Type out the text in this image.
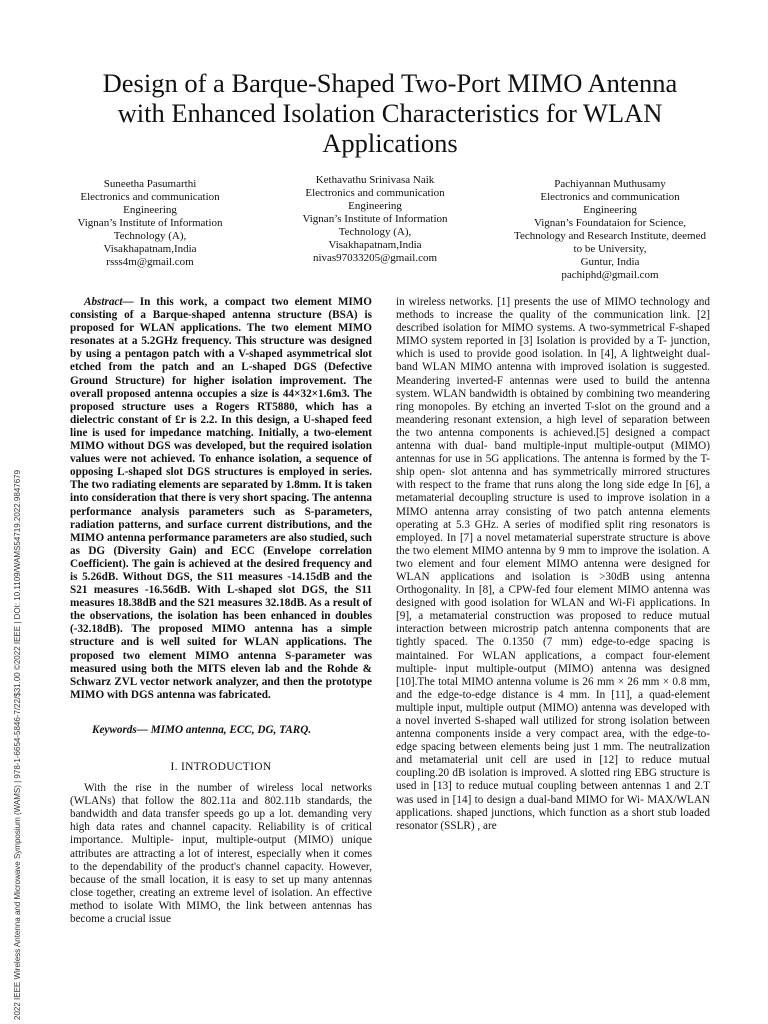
2022 IEEE Wireless Antenna and Microwave Symposium (WAMS) | 978-1-6654-5846-7/22/$31.00 ©2022 IEEE | DOI: 10.1109/WAMS54719.2022.9847679
Design of a Barque-Shaped Two-Port MIMO Antenna with Enhanced Isolation Characteristics for WLAN Applications
Suneetha Pasumarthi
Electronics and communication
Engineering
Vignan’s Institute of Information
Technology (A),
Visakhapatnam,India
rsss4m@gmail.com
Kethavathu Srinivasa Naik
Electronics and communication
Engineering
Vignan’s Institute of Information
Technology (A),
Visakhapatnam,India
nivas97033205@gmail.com
Pachiyannan Muthusamy
Electronics and communication
Engineering
Vignan’s Foundataion for Science,
Technology and Research Institute, deemed
to be University,
Guntur, India
pachiphd@gmail.com

Abstract— In this work, a compact two element MIMO consisting of a Barque-shaped antenna structure (BSA) is proposed for WLAN applications. The two element MIMO resonates at a 5.2GHz frequency. This structure was designed by using a pentagon patch with a V-shaped asymmetrical slot etched from the patch and an L-shaped DGS (Defective Ground Structure) for higher isolation improvement. The overall proposed antenna occupies a size is 44×32×1.6m3. The proposed structure uses a Rogers RT5880, which has a dielectric constant of £r is 2.2. In this design, a U-shaped feed line is used for impedance matching. Initially, a two-element MIMO without DGS was developed, but the required isolation values were not achieved. To enhance isolation, a sequence of opposing L-shaped slot DGS structures is employed in series. The two radiating elements are separated by 1.8mm. It is taken into consideration that there is very short spacing. The antenna performance analysis parameters such as S-parameters, radiation patterns, and surface current distributions, and the MIMO antenna performance parameters are also studied, such as DG (Diversity Gain) and ECC (Envelope correlation Coefficient). The gain is achieved at the desired frequency and is 5.26dB. Without DGS, the S11 measures -14.15dB and the S21 measures -16.56dB. With L-shaped slot DGS, the S11 measures 18.38dB and the S21 measures 32.18dB. As a result of the observations, the isolation has been enhanced in doubles (-32.18dB). The proposed MIMO antenna has a simple structure and is well suited for WLAN applications. The proposed two element MIMO antenna S-parameter was measured using both the MITS eleven lab and the Rohde & Schwarz ZVL vector network analyzer, and then the prototype MIMO with DGS antenna was fabricated.

Keywords— MIMO antenna, ECC, DG, TARQ.

I. INTRODUCTION

With the rise in the number of wireless local networks (WLANs) that follow the 802.11a and 802.11b standards, the bandwidth and data transfer speeds go up a lot. demanding very high data rates and channel capacity. Reliability is of critical importance. Multiple- input, multiple-output (MIMO) unique attributes are attracting a lot of interest, especially when it comes to the dependability of the product's channel capacity. However, because of the small location, it is easy to set up many antennas close together, creating an extreme level of isolation. An effective method to isolate With MIMO, the link between antennas has become a crucial issue

in wireless networks. [1] presents the use of MIMO technology and methods to increase the quality of the communication link. [2] described isolation for MIMO systems. A two-symmetrical F-shaped MIMO system reported in [3] Isolation is provided by a T- junction, which is used to provide good isolation. In [4], A lightweight dual-band WLAN MIMO antenna with improved isolation is suggested. Meandering inverted-F antennas were used to build the antenna system. WLAN bandwidth is obtained by combining two meandering ring monopoles. By etching an inverted T-slot on the ground and a meandering resonant extension, a high level of separation between the two antenna components is achieved.[5] designed a compact antenna with dual- band multiple-input multiple-output (MIMO) antennas for use in 5G applications. The antenna is formed by the T-ship open- slot antenna and has symmetrically mirrored structures with respect to the frame that runs along the long side edge In [6], a metamaterial decoupling structure is used to improve isolation in a MIMO antenna array consisting of two patch antenna elements operating at 5.3 GHz. A series of modified split ring resonators is employed. In [7] a novel metamaterial superstrate structure is above the two element MIMO antenna by 9 mm to improve the isolation. A two element and four element MIMO antenna were designed for WLAN applications and isolation is >30dB using antenna Orthogonality. In [8], a CPW-fed four element MIMO antenna was designed with good isolation for WLAN and Wi-Fi applications. In [9], a metamaterial construction was proposed to reduce mutual interaction between microstrip patch antenna components that are tightly spaced. The 0.1350 (7 mm) edge-to-edge spacing is maintained. For WLAN applications, a compact four-element multiple- input multiple-output (MIMO) antenna was designed [10].The total MIMO antenna volume is 26 mm × 26 mm × 0.8 mm, and the edge-to-edge distance is 4 mm. In [11], a quad-element multiple input, multiple output (MIMO) antenna was developed with a novel inverted S-shaped wall utilized for strong isolation between antenna components inside a very compact area, with the edge-to-edge spacing between elements being just 1 mm. The neutralization and metamaterial unit cell are used in [12] to reduce mutual coupling.20 dB isolation is improved. A slotted ring EBG structure is used in [13] to reduce mutual coupling between antennas 1 and 2.T was used in [14] to design a dual-band MIMO for Wi- MAX/WLAN applications. shaped junctions, which function as a short stub loaded resonator (SSLR) , are
